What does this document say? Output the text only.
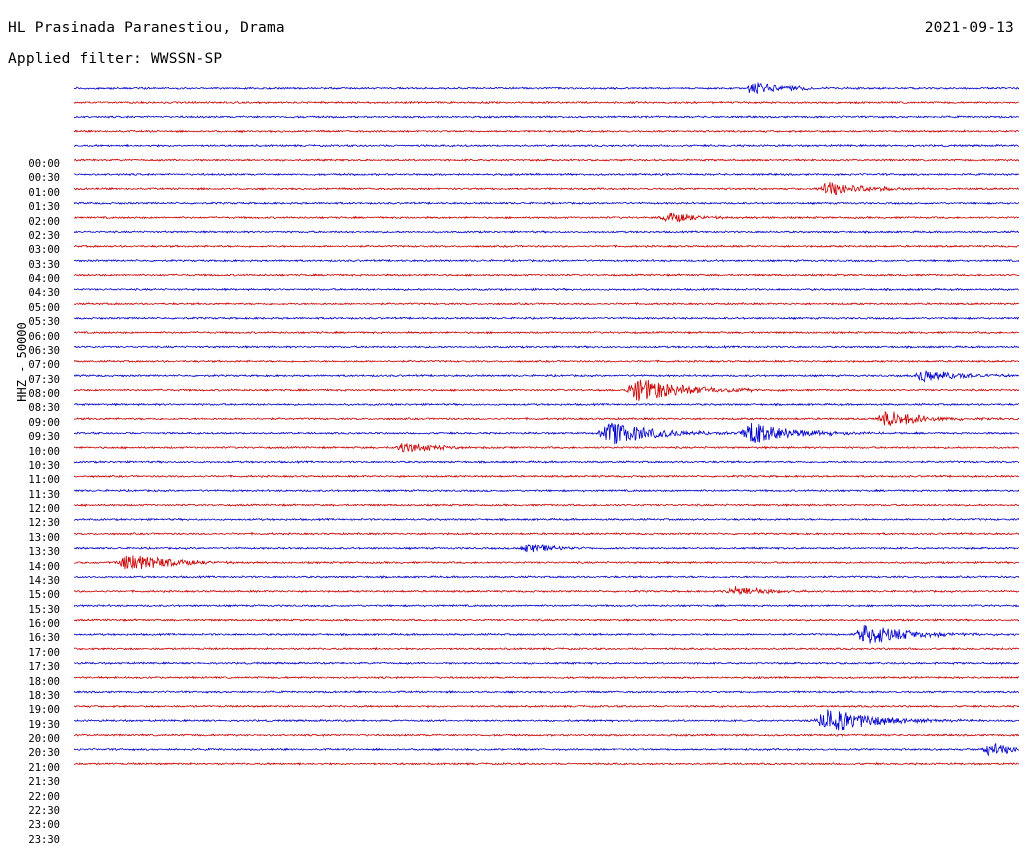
HL Prasinada Paranestiou, Drama
Applied filter: WWSSN-SP
2021-09-13
HHZ - 50000
00:00
00:30
01:00
01:30
02:00
02:30
03:00
03:30
04:00
04:30
05:00
05:30
06:00
06:30
07:00
07:30
08:00
08:30
09:00
09:30
10:00
10:30
11:00
11:30
12:00
12:30
13:00
13:30
14:00
14:30
15:00
15:30
16:00
16:30
17:00
17:30
18:00
18:30
19:00
19:30
20:00
20:30
21:00
21:30
22:00
22:30
23:00
23:30
